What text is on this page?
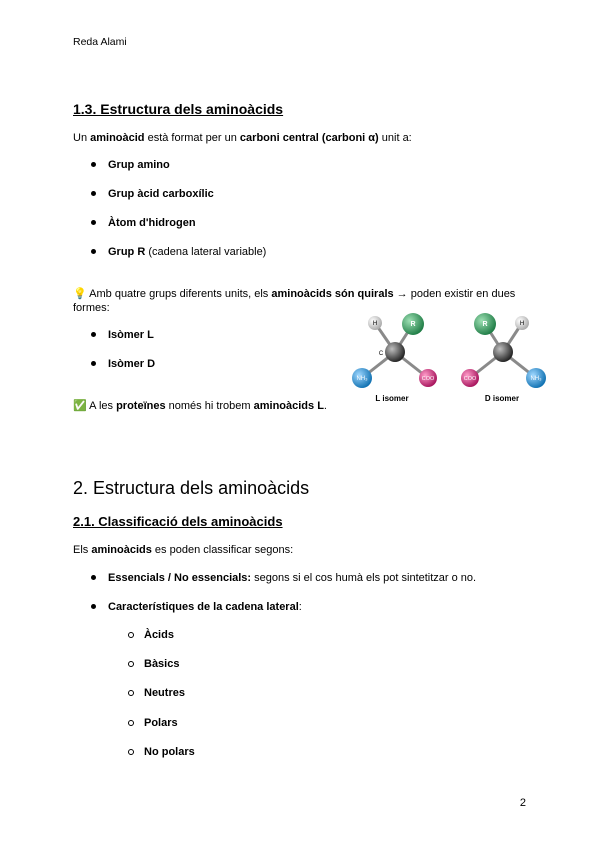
Reda Alami
1.3. Estructura dels aminoàcids
Un aminoàcid està format per un carboni central (carboni α) unit a:
Grup amino
Grup àcid carboxílic
Àtom d'hidrogen
Grup R (cadena lateral variable)
💡 Amb quatre grups diferents units, els aminoàcids són quirals → poden existir en dues
formes:
Isòmer L
Isòmer D
✅ A les proteïnes només hi trobem aminoàcids L.
H	R
C
NH₃	COO
L isomer
H
R
COO	NH₃
D isomer
2. Estructura dels aminoàcids
2.1. Classificació dels aminoàcids
Els aminoàcids es poden classificar segons:
Essencials / No essencials: segons si el cos humà els pot sintetitzar o no.
Característiques de la cadena lateral:
Àcids
Bàsics
Neutres
Polars
No polars
2
